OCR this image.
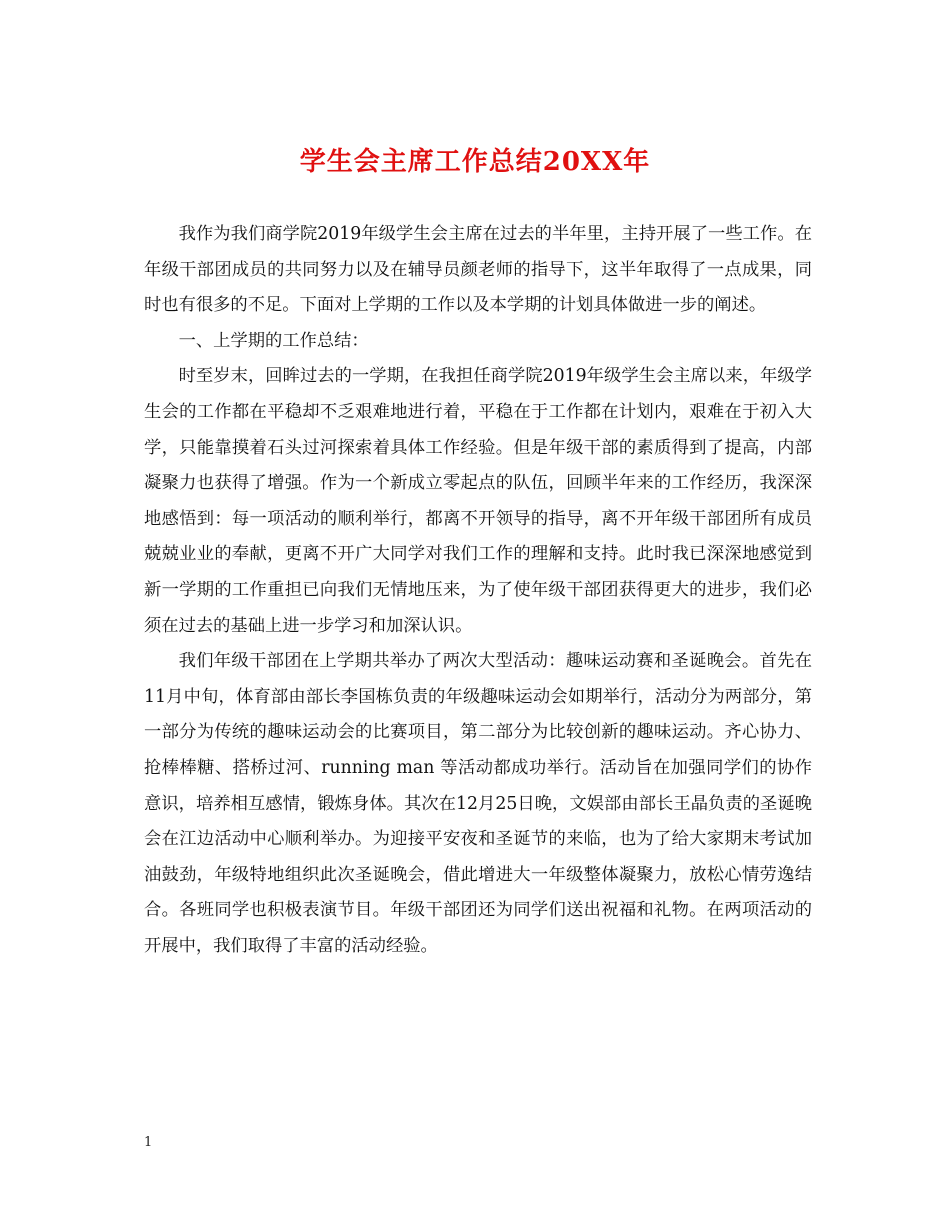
学生会主席工作总结20XX年

我作为我们商学院2019年级学生会主席在过去的半年里，主持开展了一些工作。在年级干部团成员的共同努力以及在辅导员颜老师的指导下，这半年取得了一点成果，同时也有很多的不足。下面对上学期的工作以及本学期的计划具体做进一步的阐述。

一、上学期的工作总结：

时至岁末，回眸过去的一学期，在我担任商学院2019年级学生会主席以来，年级学生会的工作都在平稳却不乏艰难地进行着，平稳在于工作都在计划内，艰难在于初入大学，只能靠摸着石头过河探索着具体工作经验。但是年级干部的素质得到了提高，内部凝聚力也获得了增强。作为一个新成立零起点的队伍，回顾半年来的工作经历，我深深地感悟到：每一项活动的顺利举行，都离不开领导的指导，离不开年级干部团所有成员兢兢业业的奉献，更离不开广大同学对我们工作的理解和支持。此时我已深深地感觉到新一学期的工作重担已向我们无情地压来，为了使年级干部团获得更大的进步，我们必须在过去的基础上进一步学习和加深认识。

我们年级干部团在上学期共举办了两次大型活动：趣味运动赛和圣诞晚会。首先在11月中旬，体育部由部长李国栋负责的年级趣味运动会如期举行，活动分为两部分，第一部分为传统的趣味运动会的比赛项目，第二部分为比较创新的趣味运动。齐心协力、抢棒棒糖、搭桥过河、running man 等活动都成功举行。活动旨在加强同学们的协作意识，培养相互感情，锻炼身体。其次在12月25日晚，文娱部由部长王晶负责的圣诞晚会在江边活动中心顺利举办。为迎接平安夜和圣诞节的来临，也为了给大家期末考试加油鼓劲，年级特地组织此次圣诞晚会，借此增进大一年级整体凝聚力，放松心情劳逸结合。各班同学也积极表演节目。年级干部团还为同学们送出祝福和礼物。在两项活动的开展中，我们取得了丰富的活动经验。

1
